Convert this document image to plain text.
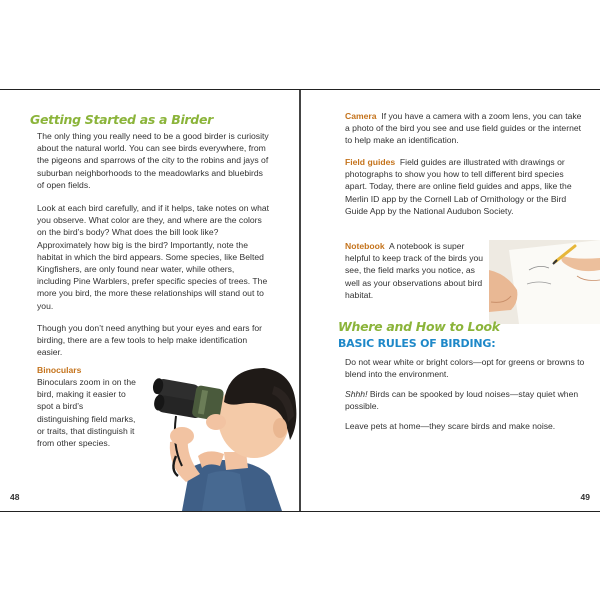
Getting Started as a Birder

The only thing you really need to be a good birder is curiosity about the natural world. You can see birds everywhere, from the pigeons and sparrows of the city to the robins and jays of suburban neighborhoods to the meadowlarks and bluebirds of open fields.

Look at each bird carefully, and if it helps, take notes on what you observe. What color are they, and where are the colors on the bird’s body? What does the bill look like? Approximately how big is the bird? Importantly, note the habitat in which the bird appears. Some species, like Belted Kingfishers, are only found near water, while others, including Pine Warblers, prefer specific species of trees. The more you bird, the more these relationships will stand out to you.

Though you don’t need anything but your eyes and ears for birding, there are a few tools to help make identification easier.

Binoculars

Binoculars zoom in on the bird, making it easier to spot a bird’s distinguishing field marks, or traits, that distinguish it from other species.

48

Camera If you have a camera with a zoom lens, you can take a photo of the bird you see and use field guides or the internet to help make an identification.

Field guides Field guides are illustrated with drawings or photographs to show you how to tell different bird species apart. Today, there are online field guides and apps, like the Merlin ID app by the Cornell Lab of Ornithology or the Bird Guide App by the National Audubon Society.

Notebook A notebook is super helpful to keep track of the birds you see, the field marks you notice, as well as your observations about bird habitat.

Where and How to Look
BASIC RULES OF BIRDING:

Do not wear white or bright colors—opt for greens or browns to blend into the environment.

Shhh! Birds can be spooked by loud noises—stay quiet when possible.

Leave pets at home—they scare birds and make noise.

49
